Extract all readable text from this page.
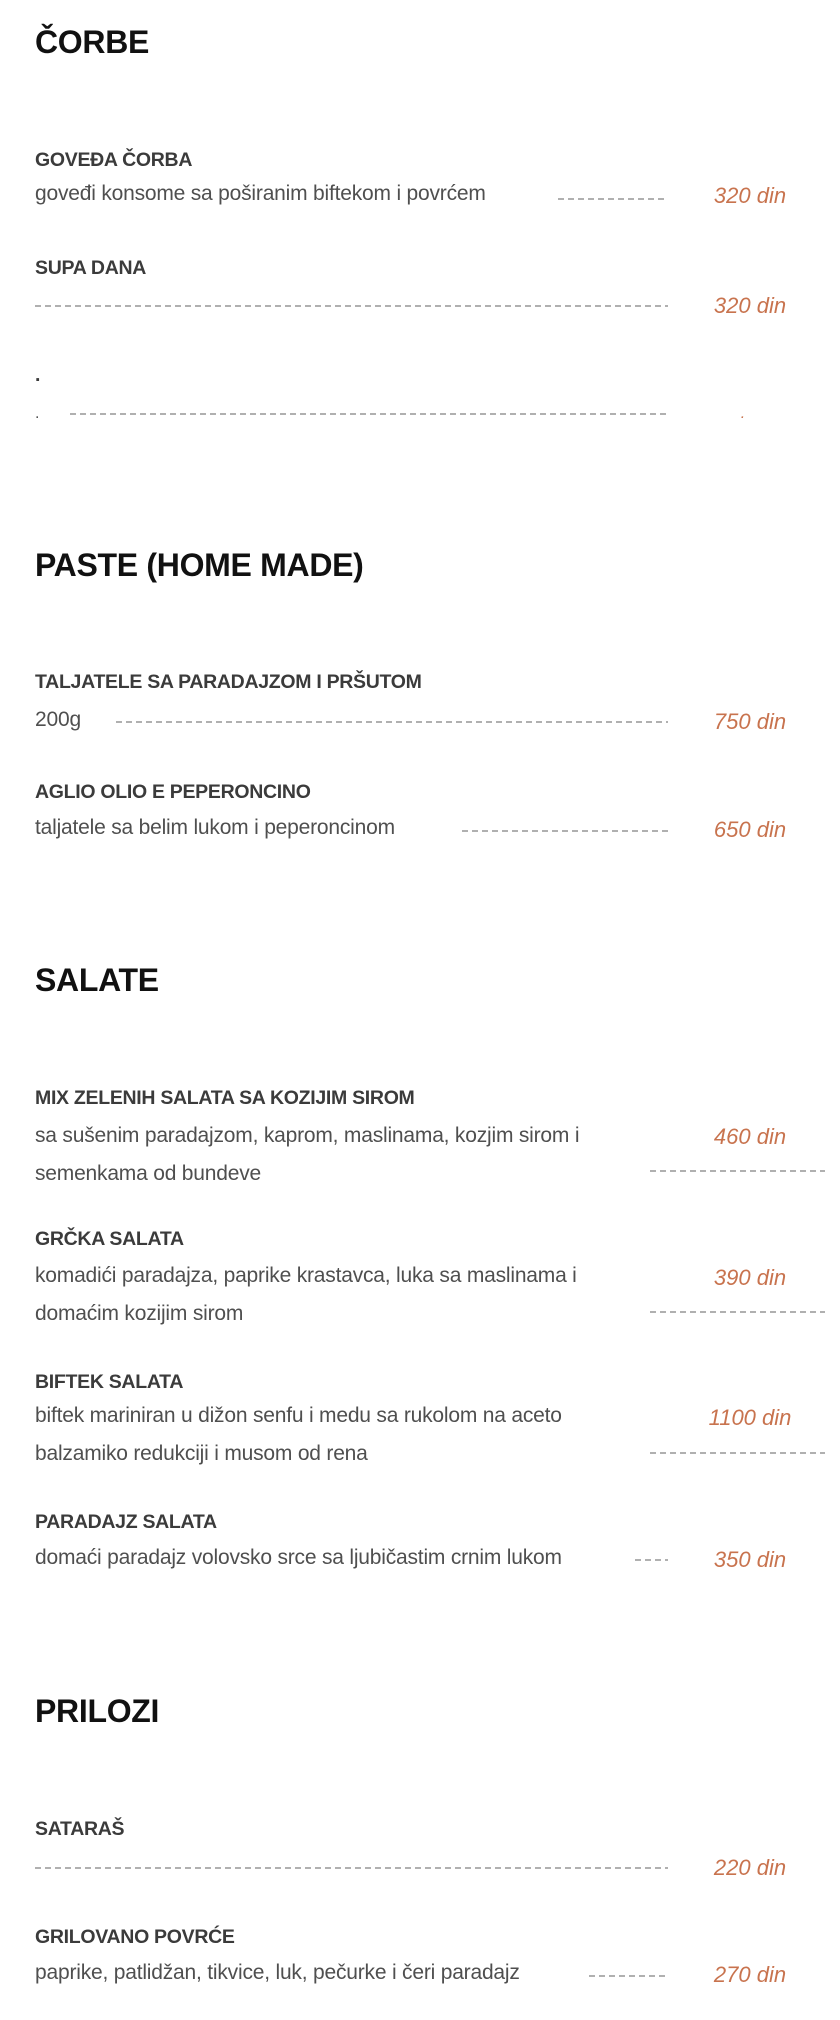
ČORBE
GOVEĐA ČORBA
goveđi konsome sa poširanim biftekom i povrćem	320 din
SUPA DANA
320 din
.
.	.
PASTE (HOME MADE)
TALJATELE SA PARADAJZOM I PRŠUTOM
200g	750 din
AGLIO OLIO E PEPERONCINO
taljatele sa belim lukom i peperoncinom	650 din
SALATE
MIX ZELENIH SALATA SA KOZIJIM SIROM
sa sušenim paradajzom, kaprom, maslinama, kozjim sirom i
semenkama od bundeve
460 din
GRČKA SALATA
komadići paradajza, paprike krastavca, luka sa maslinama i
domaćim kozijim sirom
390 din
BIFTEK SALATA
biftek mariniran u dižon senfu i medu sa rukolom na aceto
balzamiko redukciji i musom od rena
1100 din
PARADAJZ SALATA
domaći paradajz volovsko srce sa ljubičastim crnim lukom	350 din
PRILOZI
SATARAŠ
220 din
GRILOVANO POVRĆE
paprike, patlidžan, tikvice, luk, pečurke i čeri paradajz	270 din
